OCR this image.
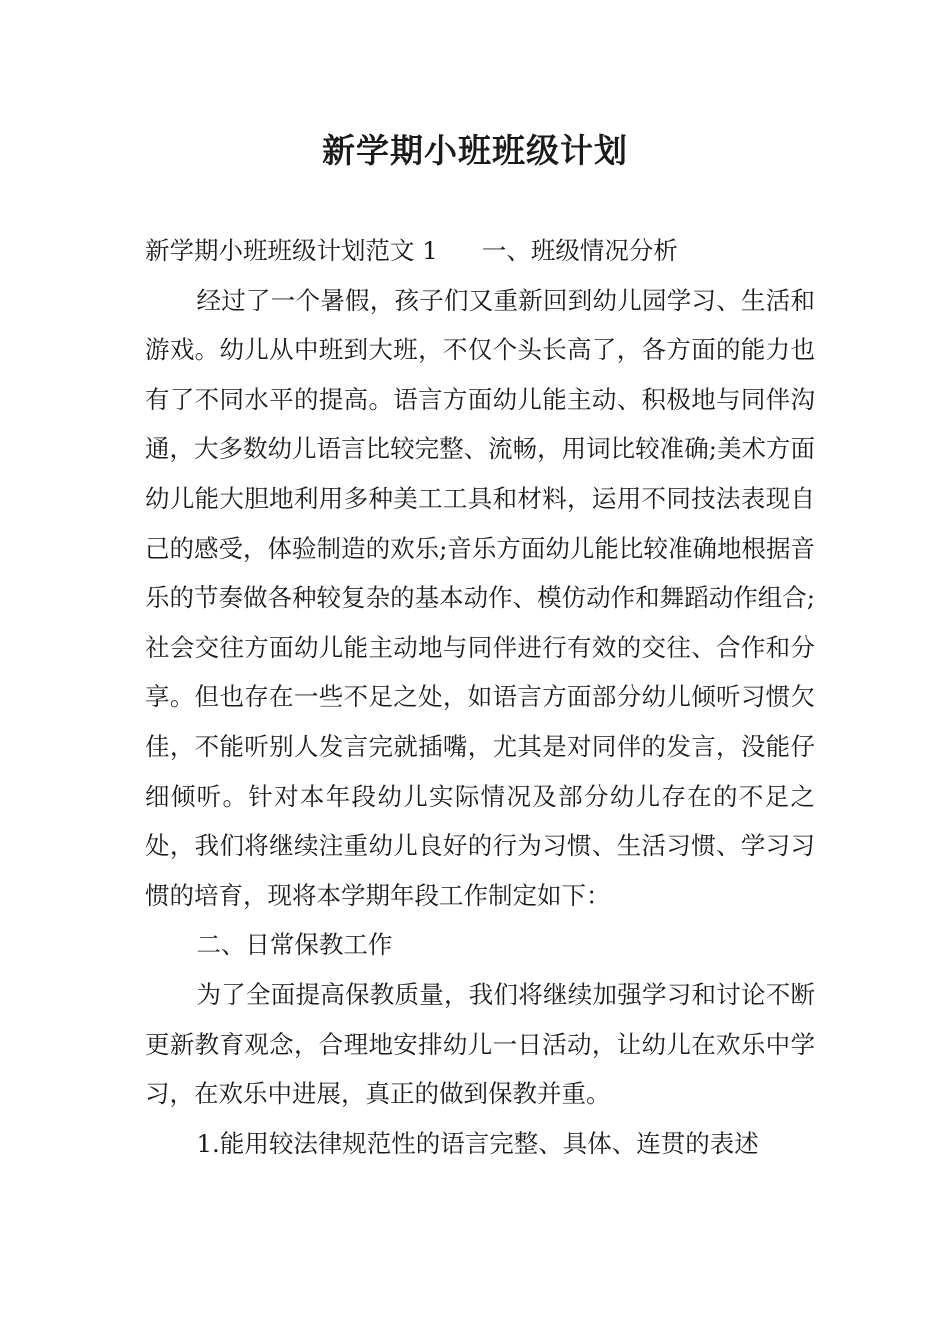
新学期小班班级计划

新学期小班班级计划范文 1 一、班级情况分析

经过了一个暑假，孩子们又重新回到幼儿园学习、生活和游戏。幼儿从中班到大班，不仅个头长高了，各方面的能力也有了不同水平的提高。语言方面幼儿能主动、积极地与同伴沟通，大多数幼儿语言比较完整、流畅，用词比较准确;美术方面幼儿能大胆地利用多种美工工具和材料，运用不同技法表现自己的感受，体验制造的欢乐;音乐方面幼儿能比较准确地根据音乐的节奏做各种较复杂的基本动作、模仿动作和舞蹈动作组合;社会交往方面幼儿能主动地与同伴进行有效的交往、合作和分享。但也存在一些不足之处，如语言方面部分幼儿倾听习惯欠佳，不能听别人发言完就插嘴，尤其是对同伴的发言，没能仔细倾听。针对本年段幼儿实际情况及部分幼儿存在的不足之处，我们将继续注重幼儿良好的行为习惯、生活习惯、学习习惯的培育，现将本学期年段工作制定如下：

二、日常保教工作

为了全面提高保教质量，我们将继续加强学习和讨论不断更新教育观念，合理地安排幼儿一日活动，让幼儿在欢乐中学习，在欢乐中进展，真正的做到保教并重。

1.能用较法律规范性的语言完整、具体、连贯的表述
